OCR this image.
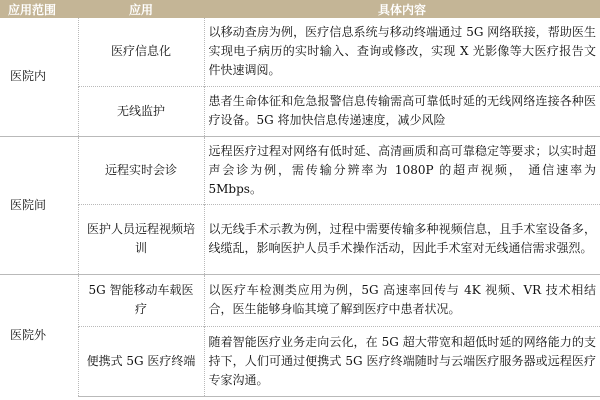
应用范围	应用	具体内容
医院内	医疗信息化	以移动查房为例，医疗信息系统与移动终端通过 5G 网络联接，帮助医生实现电子病历的实时输入、查询或修改，实现 X 光影像等大医疗报告文件快速调阅。
	无线监护	患者生命体征和危急报警信息传输需高可靠低时延的无线网络连接各种医疗设备。5G 将加快信息传递速度，减少风险
医院间	远程实时会诊	远程医疗过程对网络有低时延、高清画质和高可靠稳定等要求；以实时超声会诊为例，需传输分辨率为 1080P 的超声视频， 通信速率为 5Mbps。
	医护人员远程视频培训	以无线手术示教为例，过程中需要传输多种视频信息，且手术室设备多，线缆乱，影响医护人员手术操作活动，因此手术室对无线通信需求强烈。
医院外	5G 智能移动车载医疗	以医疗车检测类应用为例，5G 高速率回传与 4K 视频、VR 技术相结合，医生能够身临其境了解到医疗中患者状况。
	便携式 5G 医疗终端	随着智能医疗业务走向云化，在 5G 超大带宽和超低时延的网络能力的支持下，人们可通过便携式 5G 医疗终端随时与云端医疗服务器或远程医疗专家沟通。
